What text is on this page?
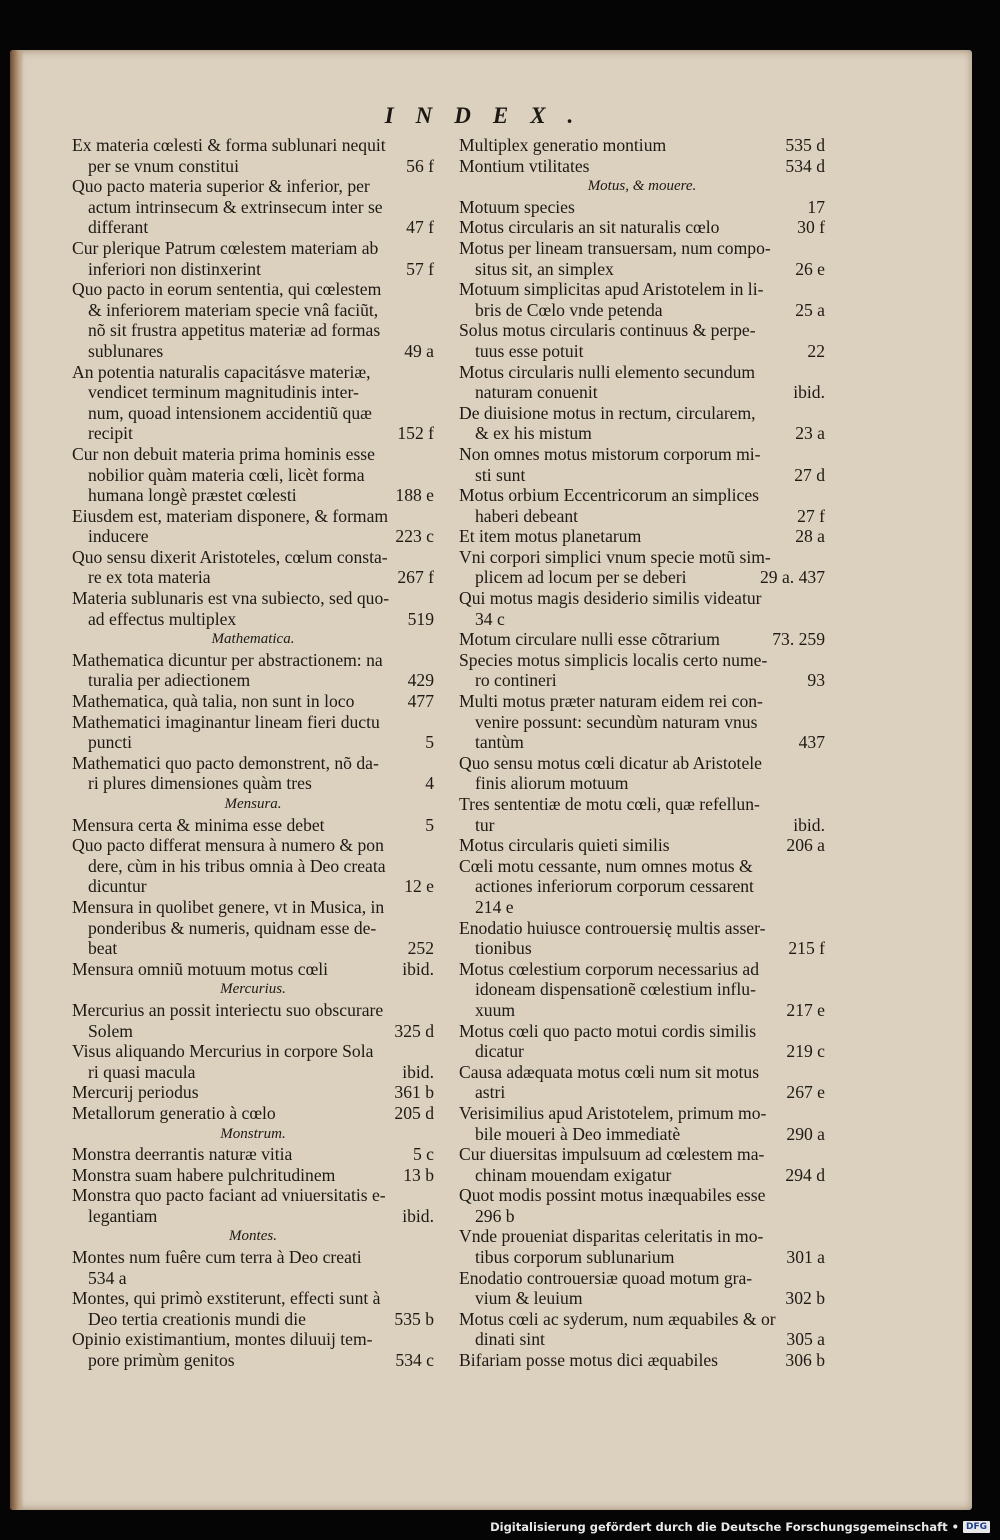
INDEX.
Ex materia cœlesti & forma sublunari nequit
per se vnum constitui	56 f
Quo pacto materia superior & inferior, per
actum intrinsecum & extrinsecum inter se
differant	47 f
Cur plerique Patrum cœlestem materiam ab
inferiori non distinxerint	57 f
Quo pacto in eorum sententia, qui cœlestem
& inferiorem materiam specie vnâ faciũt,
nõ sit frustra appetitus materiæ ad formas
sublunares	49 a
An potentia naturalis capacitásve materiæ,
vendicet terminum magnitudinis inter-
num, quoad intensionem accidentiũ quæ
recipit	152 f
Cur non debuit materia prima hominis esse
nobilior quàm materia cœli, licèt forma
humana longè præstet cœlesti	188 e
Eiusdem est, materiam disponere, & formam
inducere	223 c
Quo sensu dixerit Aristoteles, cœlum consta-
re ex tota materia	267 f
Materia sublunaris est vna subiecto, sed quo-
ad effectus multiplex	519
Mathematica.
Mathematica dicuntur per abstractionem: na
turalia per adiectionem	429
Mathematica, quà talia, non sunt in loco	477
Mathematici imaginantur lineam fieri ductu
puncti	5
Mathematici quo pacto demonstrent, nõ da-
ri plures dimensiones quàm tres	4
Mensura.
Mensura certa & minima esse debet	5
Quo pacto differat mensura à numero & pon
dere, cùm in his tribus omnia à Deo creata
dicuntur	12 e
Mensura in quolibet genere, vt in Musica, in
ponderibus & numeris, quidnam esse de-
beat	252
Mensura omniũ motuum motus cœli	ibid.
Mercurius.
Mercurius an possit interiectu suo obscurare
Solem	325 d
Visus aliquando Mercurius in corpore Sola
ri quasi macula	ibid.
Mercurij periodus	361 b
Metallorum generatio à cœlo	205 d
Monstrum.
Monstra deerrantis naturæ vitia	5 c
Monstra suam habere pulchritudinem	13 b
Monstra quo pacto faciant ad vniuersitatis e-
legantiam	ibid.
Montes.
Montes num fuêre cum terra à Deo creati
534 a
Montes, qui primò exstiterunt, effecti sunt à
Deo tertia creationis mundi die	535 b
Opinio existimantium, montes diluuij tem-
pore primùm genitos	534 c
Multiplex generatio montium	535 d
Montium vtilitates	534 d
Motus, & mouere.
Motuum species	17
Motus circularis an sit naturalis cœlo	30 f
Motus per lineam transuersam, num compo-
situs sit, an simplex	26 e
Motuum simplicitas apud Aristotelem in li-
bris de Cœlo vnde petenda	25 a
Solus motus circularis continuus & perpe-
tuus esse potuit	22
Motus circularis nulli elemento secundum
naturam conuenit	ibid.
De diuisione motus in rectum, circularem,
& ex his mistum	23 a
Non omnes motus mistorum corporum mi-
sti sunt	27 d
Motus orbium Eccentricorum an simplices
haberi debeant	27 f
Et item motus planetarum	28 a
Vni corpori simplici vnum specie motũ sim-
plicem ad locum per se deberi	29 a. 437
Qui motus magis desiderio similis videatur
34 c
Motum circulare nulli esse cõtrarium	73. 259
Species motus simplicis localis certo nume-
ro contineri	93
Multi motus præter naturam eidem rei con-
venire possunt: secundùm naturam vnus
tantùm	437
Quo sensu motus cœli dicatur ab Aristotele
finis aliorum motuum
Tres sententiæ de motu cœli, quæ refellun-
tur	ibid.
Motus circularis quieti similis	206 a
Cœli motu cessante, num omnes motus &
actiones inferiorum corporum cessarent
214 e
Enodatio huiusce controuersię multis asser-
tionibus	215 f
Motus cœlestium corporum necessarius ad
idoneam dispensationẽ cœlestium influ-
xuum	217 e
Motus cœli quo pacto motui cordis similis
dicatur	219 c
Causa adæquata motus cœli num sit motus
astri	267 e
Verisimilius apud Aristotelem, primum mo-
bile moueri à Deo immediatè	290 a
Cur diuersitas impulsuum ad cœlestem ma-
chinam mouendam exigatur	294 d
Quot modis possint motus inæquabiles esse
296 b
Vnde proueniat disparitas celeritatis in mo-
tibus corporum sublunarium	301 a
Enodatio controuersiæ quoad motum gra-
vium & leuium	302 b
Motus cœli ac syderum, num æquabiles & or
dinati sint	305 a
Bifariam posse motus dici æquabiles	306 b
Digitalisierung gefördert durch die Deutsche Forschungsgemeinschaft • DFG
